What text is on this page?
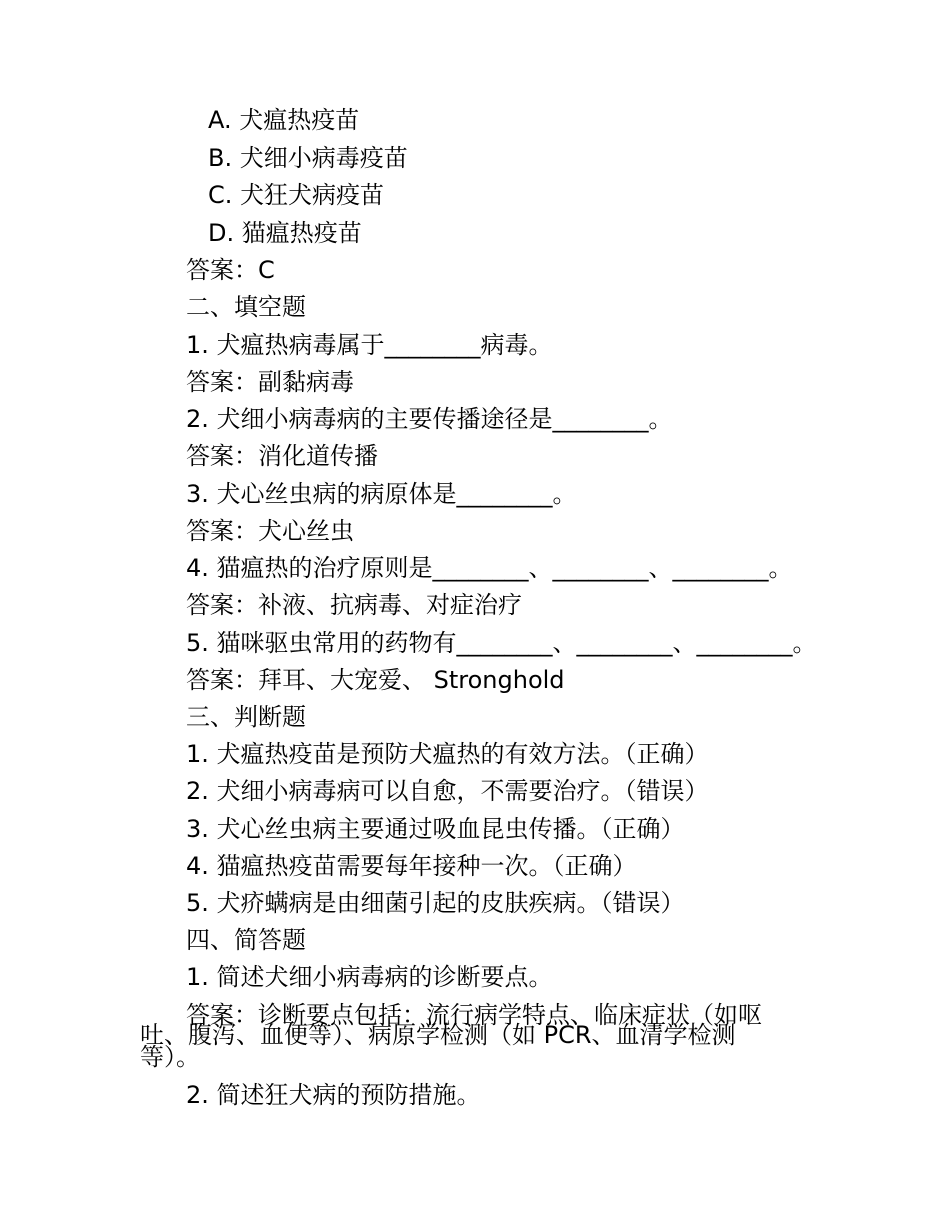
A. 犬瘟热疫苗
B. 犬细小病毒疫苗
C. 犬狂犬病疫苗
D. 猫瘟热疫苗
答案：C
二、填空题
1. 犬瘟热病毒属于________病毒。
答案：副黏病毒
2. 犬细小病毒病的主要传播途径是________。
答案：消化道传播
3. 犬心丝虫病的病原体是________。
答案：犬心丝虫
4. 猫瘟热的治疗原则是________、________、________。
答案：补液、抗病毒、对症治疗
5. 猫咪驱虫常用的药物有________、________、________。
答案：拜耳、大宠爱、 Stronghold
三、判断题
1. 犬瘟热疫苗是预防犬瘟热的有效方法。（正确）
2. 犬细小病毒病可以自愈，不需要治疗。（错误）
3. 犬心丝虫病主要通过吸血昆虫传播。（正确）
4. 猫瘟热疫苗需要每年接种一次。（正确）
5. 犬疥螨病是由细菌引起的皮肤疾病。（错误）
四、简答题
1. 简述犬细小病毒病的诊断要点。
答案：诊断要点包括：流行病学特点、临床症状（如呕
吐、腹泻、血便等）、病原学检测（如 PCR、血清学检测
等）。
2. 简述狂犬病的预防措施。
